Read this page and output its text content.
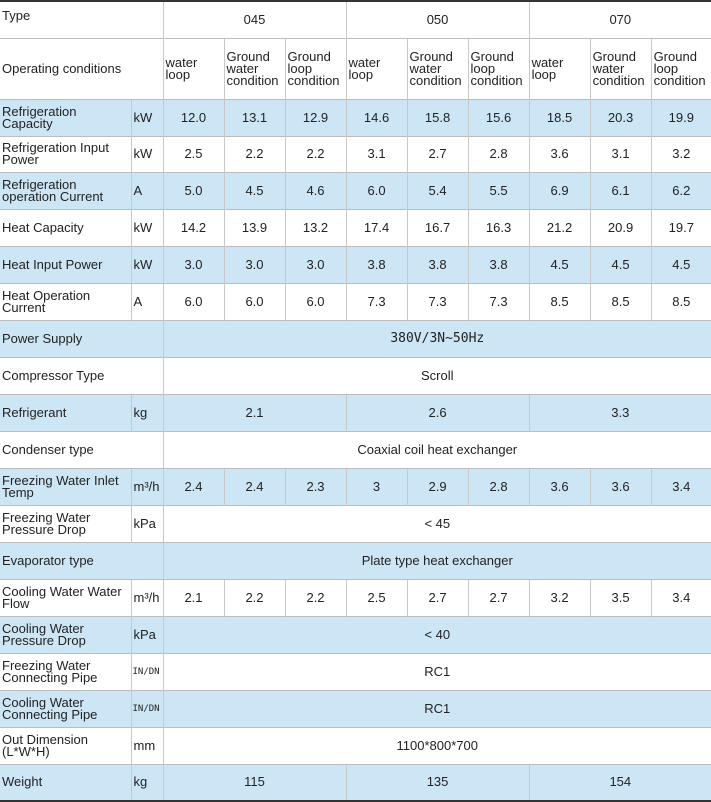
Type		045			050			070		
Operating conditions		water loop	Ground water condition	Ground loop condition	water loop	Ground water condition	Ground loop condition	water loop	Ground water condition	Ground loop condition
Refrigeration Capacity	kW	12.0	13.1	12.9	14.6	15.8	15.6	18.5	20.3	19.9
Refrigeration Input Power	kW	2.5	2.2	2.2	3.1	2.7	2.8	3.6	3.1	3.2
Refrigeration operation Current	A	5.0	4.5	4.6	6.0	5.4	5.5	6.9	6.1	6.2
Heat Capacity	kW	14.2	13.9	13.2	17.4	16.7	16.3	21.2	20.9	19.7
Heat Input Power	kW	3.0	3.0	3.0	3.8	3.8	3.8	4.5	4.5	4.5
Heat Operation Current	A	6.0	6.0	6.0	7.3	7.3	7.3	8.5	8.5	8.5
Power Supply		380V/3N~50Hz								
Compressor Type		Scroll								
Refrigerant	kg	2.1			2.6			3.3		
Condenser type		Coaxial coil heat exchanger								
Freezing Water Inlet Temp	m³/h	2.4	2.4	2.3	3	2.9	2.8	3.6	3.6	3.4
Freezing Water Pressure Drop	kPa	< 45								
Evaporator type		Plate type heat exchanger								
Cooling Water Water Flow	m³/h	2.1	2.2	2.2	2.5	2.7	2.7	3.2	3.5	3.4
Cooling Water Pressure Drop	kPa	< 40								
Freezing Water Connecting Pipe	IN/DN	RC1								
Cooling Water Connecting Pipe	IN/DN	RC1								
Out Dimension (L*W*H)	mm	1100*800*700								
Weight	kg	115			135			154		
